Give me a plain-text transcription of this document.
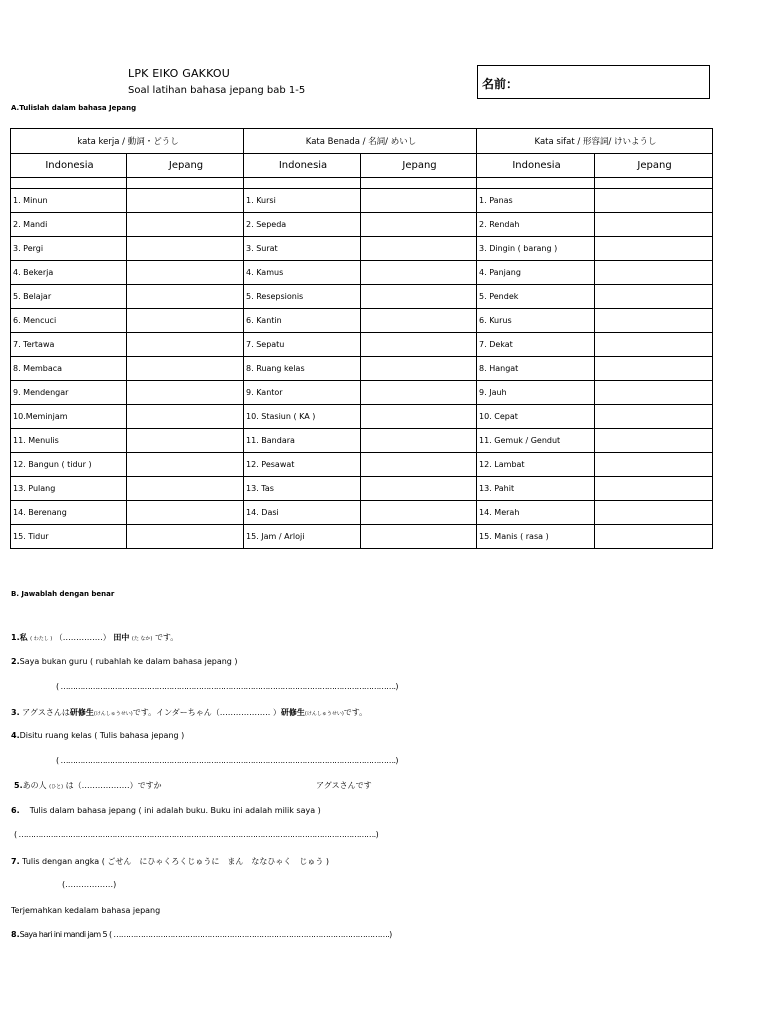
LPK EIKO GAKKOU
Soal latihan bahasa jepang bab 1-5	名前：
A.Tulislah dalam bahasa Jepang
kata kerja / 動詞・どうし		Kata Benada / 名詞/ めいし		Kata sifat / 形容詞/ けいようし	
Indonesia	Jepang	Indonesia	Jepang	Indonesia	Jepang

1. Minun		1. Kursi		1. Panas	
2. Mandi		2. Sepeda		2. Rendah	
3. Pergi		3. Surat		3. Dingin ( barang )	
4. Bekerja		4. Kamus		4. Panjang	
5. Belajar		5. Resepsionis		5. Pendek	
6. Mencuci		6. Kantin		6. Kurus	
7. Tertawa		7. Sepatu		7. Dekat	
8. Membaca		8. Ruang kelas		8. Hangat	
9. Mendengar		9. Kantor		9. Jauh	
10.Meminjam		10. Stasiun ( KA )		10. Cepat	
11. Menulis		11. Bandara		11. Gemuk / Gendut	
12. Bangun ( tidur )		12. Pesawat		12. Lambat	
13. Pulang		13. Tas		13. Pahit	
14. Berenang		14. Dasi		14. Merah	
15. Tidur		15. Jam / Arloji		15. Manis ( rasa )	
B. Jawablah dengan benar
1.私 ( わたし ) （……………） 田中 (た なか) です。
2.Saya bukan guru ( rubahlah ke dalam bahasa jepang )
( ……………………………………………………………………………………………………………………….)
3. アグスさんは研修生(けんしゅうせい)です。インダーちゃん（………………. ）研修生(けんしゅうせい)です。
4.Disitu ruang kelas ( Tulis bahasa jepang )
( ……………………………………………………………………………………………………………………….)
5.あの人 (ひと) は（………………）ですか	アグスさんです
6. Tulis dalam bahasa jepang ( ini adalah buku. Buku ini adalah milik saya )
( ……………………………………………………………………………………………………………………………….)
7. Tulis dengan angka ( ごせん　にひゃくろくじゅうに　まん　ななひゃく　じゅう )
(………………)
Terjemahkan kedalam bahasa jepang
8.Saya hari ini mandi jam 5 ( ………………………………………………………………………………………………….)
